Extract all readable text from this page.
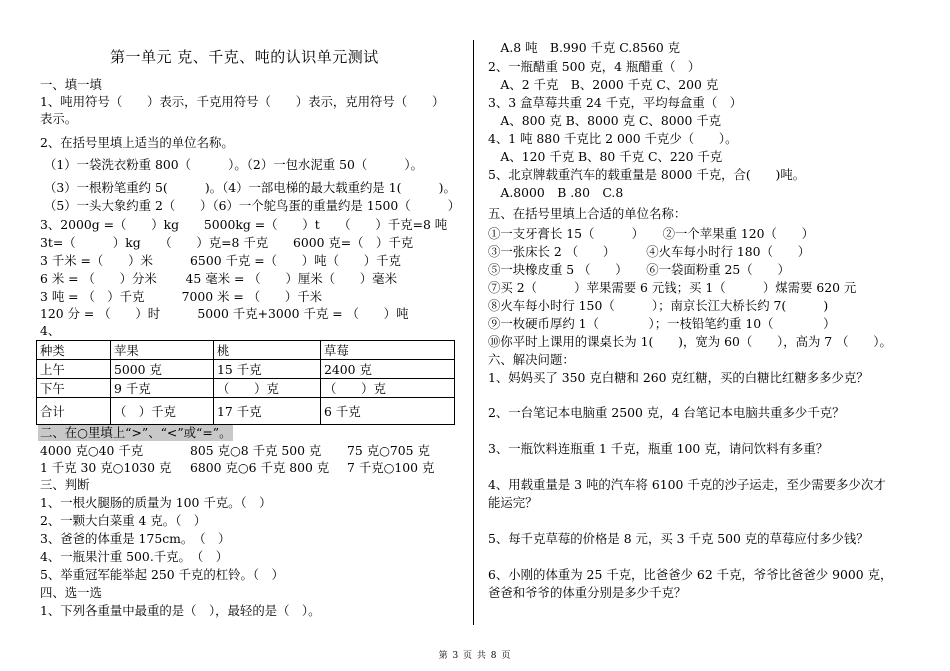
第一单元 克、千克、吨的认识单元测试
一、填一填
1、吨用符号（　　）表示，千克用符号（　　）表示，克用符号（　　）
表示。
2、在括号里填上适当的单位名称。
（1）一袋洗衣粉重 800（　　　）。（2）一包水泥重 50（　　　）。
（3）一根粉笔重约 5(　　　)。（4）一部电梯的最大载重约是 1(　　　)。
（5）一头大象约重 2（　　）（6）一个鸵鸟蛋的重量约是 1500（　　　）
3、2000g =（　　）kg　　5000kg =（　　）t　　（　　）千克=8 吨
3t=（　　　）kg　　（　　）克=8 千克　　6000 克=（　）千克
3 千米 =（　　）米　　　6500 千克 =（　　）吨（　　）千克
6 米 = （　　）分米　　 45 毫米 = （　　）厘米（　　）毫米
3 吨 = （　）千克　　　7000 米 = （　　）千米
120 分 = （　　）时　　　5000 千克+3000 千克 = （　　）吨
4、
种类	苹果	桃	草莓
上午	5000 克	15 千克	2400 克
下午	9 千克	（　　）克	（　　）克
合计	（　）千克	17 千克	6 千克
二、在○里填上“>”、“<”或“=”。
4000 克○40 千克	805 克○8 千克 500 克 75 克○705 克
1 千克 30 克○1030 克 6800 克○6 千克 800 克 7 千克○100 克
三、判断
1、一根火腿肠的质量为 100 千克。（　）
2、一颗大白菜重 4 克。（　）
3、爸爸的体重是 175cm。　（　）
4、一瓶果汁重 500.千克。　（　）
5、举重冠军能举起 250 千克的杠铃。（　）
四、选一选
1、下列各重量中最重的是（　），最轻的是（　）。
　A.8 吨　B.990 千克 C.8560 克
2、一瓶醋重 500 克，4 瓶醋重（　）
　A、2 千克　B、2000 千克 C、200 克
3、3 盒草莓共重 24 千克，平均每盒重（　）
　A、800 克 B、8000 克 C、8000 千克
4、1 吨 880 千克比 2 000 千克少（　　）。
　A、120 千克 B、80 千克 C、220 千克
5、北京牌载重汽车的载重量是 8000 千克，合(　　)吨。
　A.8000　B .80　C.8
五、在括号里填上合适的单位名称：
①一支牙膏长 15（　　　）　　②一个苹果重 120（　　）
③一张床长 2 （　　）　　　④火车每小时行 180（　　）
⑤一块橡皮重 5 （　　）　　⑥一袋面粉重 25（　　）
⑦买 2（　　　）苹果需要 6 元钱；买 1（　　　）煤需要 620 元
⑧火车每小时行 150（　　　）；南京长江大桥长约 7(　　　)
⑨一枚硬币厚约 1（　　　　）；一枝铅笔约重 10（　　　　）
⑩你平时上课用的课桌长为 1(　　)，宽为 60（　　），高为 7 （　　）。
六、解决问题：
1、妈妈买了 350 克白糖和 260 克红糖，买的白糖比红糖多多少克？
2、一台笔记本电脑重 2500 克，4 台笔记本电脑共重多少千克？
3、一瓶饮料连瓶重 1 千克，瓶重 100 克，请问饮料有多重？
4、用载重量是 3 吨的汽车将 6100 千克的沙子运走，至少需要多少次才
能运完？
5、每千克草莓的价格是 8 元，买 3 千克 500 克的草莓应付多少钱？
6、小刚的体重为 25 千克，比爸爸少 62 千克，爷爷比爸爸少 9000 克，
爸爸和爷爷的体重分别是多少千克？
第 3 页 共 8 页
